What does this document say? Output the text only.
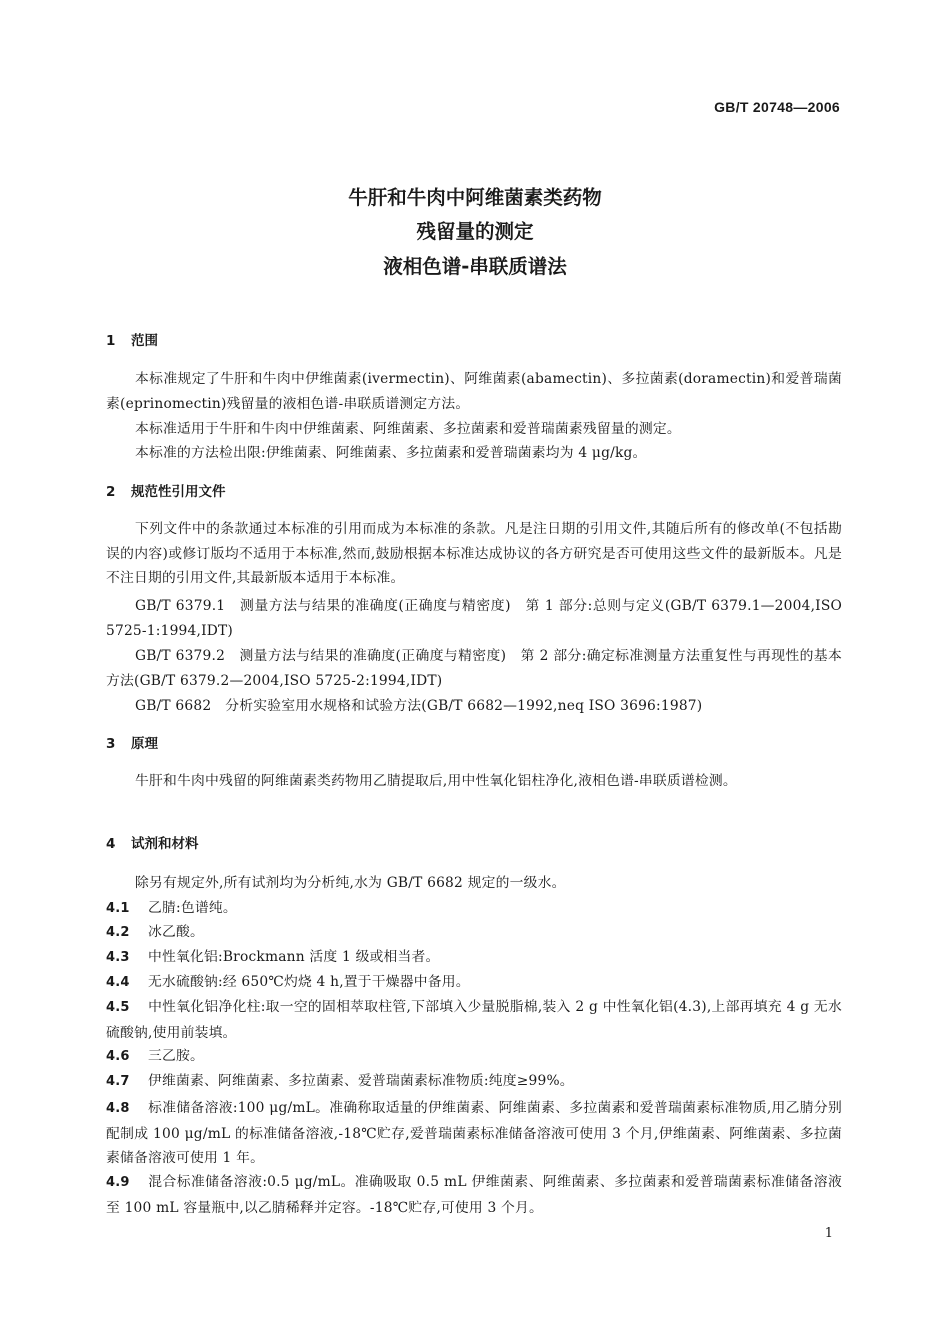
GB/T 20748—2006
牛肝和牛肉中阿维菌素类药物
残留量的测定
液相色谱-串联质谱法
1 范围
本标准规定了牛肝和牛肉中伊维菌素(ivermectin)、阿维菌素(abamectin)、多拉菌素(doramectin)和爱普瑞菌素(eprinomectin)残留量的液相色谱-串联质谱测定方法。
本标准适用于牛肝和牛肉中伊维菌素、阿维菌素、多拉菌素和爱普瑞菌素残留量的测定。
本标准的方法检出限:伊维菌素、阿维菌素、多拉菌素和爱普瑞菌素均为 4 μg/kg。
2 规范性引用文件
下列文件中的条款通过本标准的引用而成为本标准的条款。凡是注日期的引用文件,其随后所有的修改单(不包括勘误的内容)或修订版均不适用于本标准,然而,鼓励根据本标准达成协议的各方研究是否可使用这些文件的最新版本。凡是不注日期的引用文件,其最新版本适用于本标准。
GB/T 6379.1　测量方法与结果的准确度(正确度与精密度)　第 1 部分:总则与定义(GB/T 6379.1—2004,ISO 5725-1:1994,IDT)
GB/T 6379.2　测量方法与结果的准确度(正确度与精密度)　第 2 部分:确定标准测量方法重复性与再现性的基本方法(GB/T 6379.2—2004,ISO 5725-2:1994,IDT)
GB/T 6682　分析实验室用水规格和试验方法(GB/T 6682—1992,neq ISO 3696:1987)
3 原理
牛肝和牛肉中残留的阿维菌素类药物用乙腈提取后,用中性氧化铝柱净化,液相色谱-串联质谱检测。
4 试剂和材料
除另有规定外,所有试剂均为分析纯,水为 GB/T 6682 规定的一级水。
4.1 乙腈:色谱纯。
4.2 冰乙酸。
4.3 中性氧化铝:Brockmann 活度 1 级或相当者。
4.4 无水硫酸钠:经 650℃灼烧 4 h,置于干燥器中备用。
4.5 中性氧化铝净化柱:取一空的固相萃取柱管,下部填入少量脱脂棉,装入 2 g 中性氧化铝(4.3),上部再填充 4 g 无水硫酸钠,使用前装填。
4.6 三乙胺。
4.7 伊维菌素、阿维菌素、多拉菌素、爱普瑞菌素标准物质:纯度≥99%。
4.8 标准储备溶液:100 μg/mL。准确称取适量的伊维菌素、阿维菌素、多拉菌素和爱普瑞菌素标准物质,用乙腈分别配制成 100 μg/mL 的标准储备溶液,-18℃贮存,爱普瑞菌素标准储备溶液可使用 3 个月,伊维菌素、阿维菌素、多拉菌素储备溶液可使用 1 年。
4.9 混合标准储备溶液:0.5 μg/mL。准确吸取 0.5 mL 伊维菌素、阿维菌素、多拉菌素和爱普瑞菌素标准储备溶液至 100 mL 容量瓶中,以乙腈稀释并定容。-18℃贮存,可使用 3 个月。
1
